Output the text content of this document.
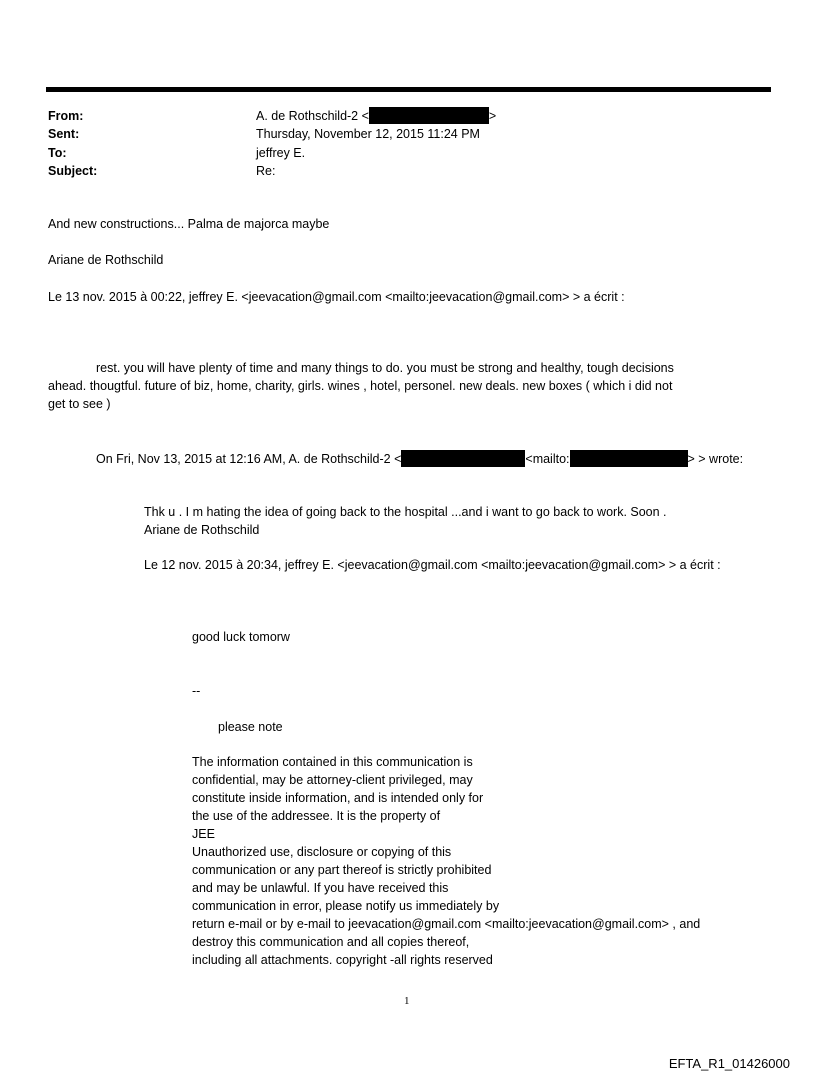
From:	A. de Rothschild-2 <	>
Sent:	Thursday, November 12, 2015 11:24 PM
To:	jeffrey E.
Subject:	Re:
And new constructions... Palma de majorca maybe
Ariane de Rothschild
Le 13 nov. 2015 à 00:22, jeffrey E. <jeevacation@gmail.com <mailto:jeevacation@gmail.com> > a écrit :
rest. you will have plenty of time and many things to do. you must be strong and healthy, tough decisions
ahead. thougtful. future of biz, home, charity, girls. wines , hotel, personel. new deals. new boxes ( which i did not
get to see )
On Fri, Nov 13, 2015 at 12:16 AM, A. de Rothschild-2 <	<mailto:	> > wrote:
Thk u . I m hating the idea of going back to the hospital ...and i want to go back to work. Soon .
Ariane de Rothschild
Le 12 nov. 2015 à 20:34, jeffrey E. <jeevacation@gmail.com <mailto:jeevacation@gmail.com> > a écrit :
good luck tomorw
--
please note
The information contained in this communication is
confidential, may be attorney-client privileged, may
constitute inside information, and is intended only for
the use of the addressee. It is the property of
JEE
Unauthorized use, disclosure or copying of this
communication or any part thereof is strictly prohibited
and may be unlawful. If you have received this
communication in error, please notify us immediately by
return e-mail or by e-mail to jeevacation@gmail.com <mailto:jeevacation@gmail.com> , and
destroy this communication and all copies thereof,
including all attachments. copyright -all rights reserved
1
EFTA_R1_01426000
